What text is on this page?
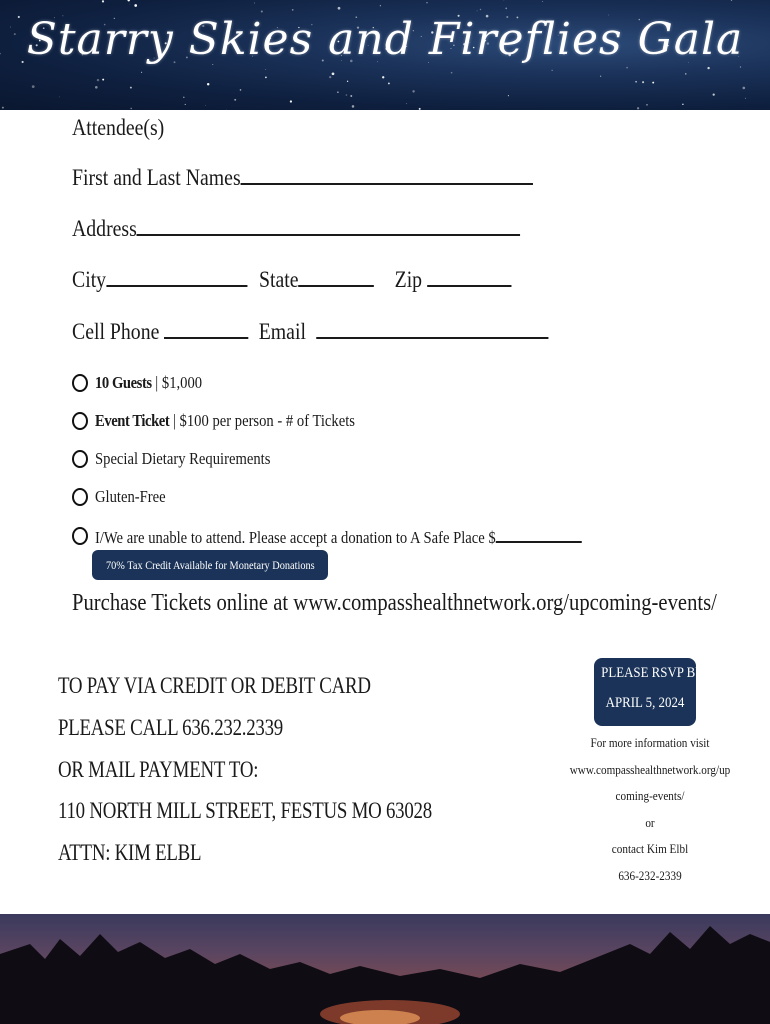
Starry Skies and Fireflies Gala
Attendee(s)
First and Last Names
Address
City	State	Zip
Cell Phone	Email
10 Guests | $1,000
Event Ticket | $100 per person - # of Tickets
Special Dietary Requirements
Gluten-Free
I/We are unable to attend. Please accept a donation to A Safe Place $
70% Tax Credit Available for Monetary Donations
Purchase Tickets online at www.compasshealthnetwork.org/upcoming-events/
TO PAY VIA CREDIT OR DEBIT CARD
PLEASE CALL 636.232.2339
OR MAIL PAYMENT TO:
110 NORTH MILL STREET, FESTUS MO 63028
ATTN: KIM ELBL
PLEASE RSVP BY
APRIL 5, 2024
For more information visit
www.compasshealthnetwork.org/up
coming-events/
or
contact Kim Elbl
636-232-2339
